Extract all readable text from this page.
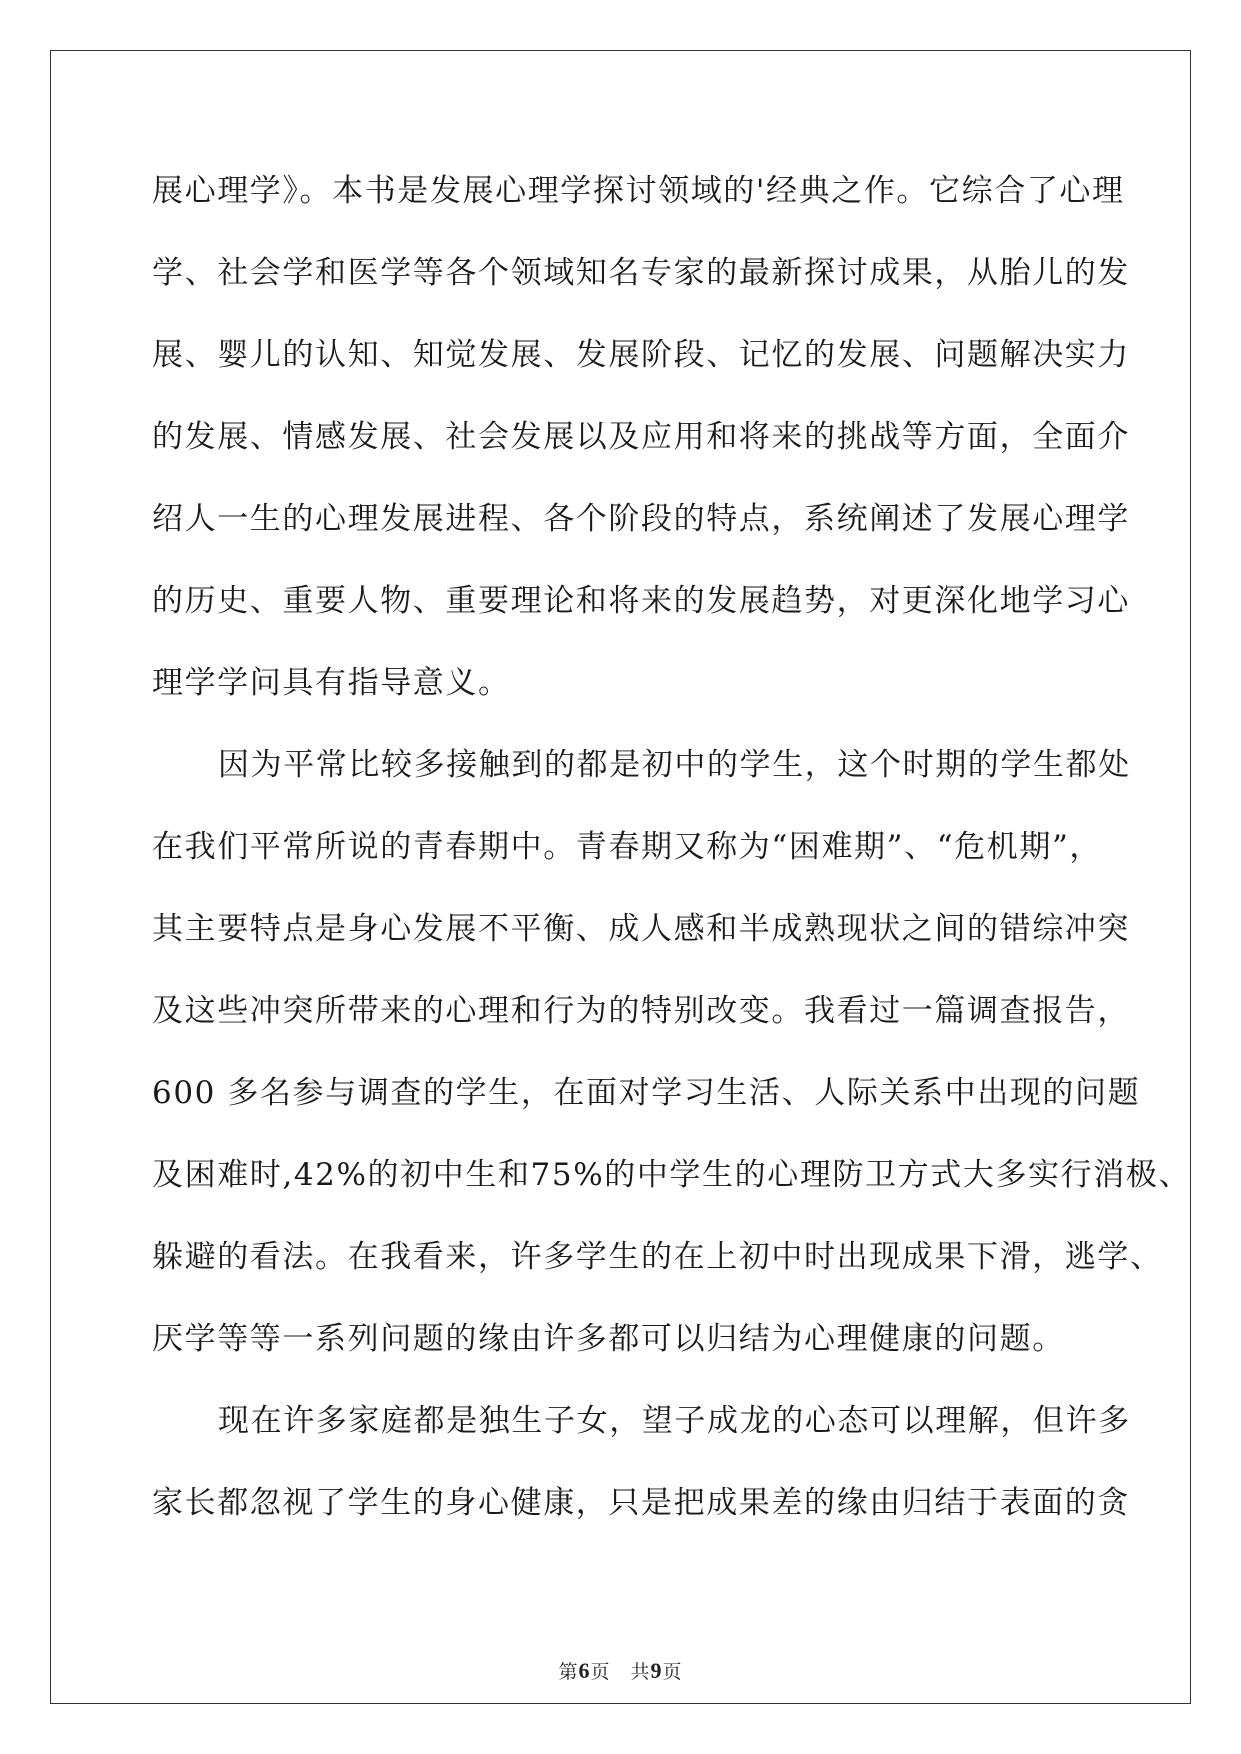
展心理学》。本书是发展心理学探讨领域的'经典之作。它综合了心理
学、社会学和医学等各个领域知名专家的最新探讨成果，从胎儿的发
展、婴儿的认知、知觉发展、发展阶段、记忆的发展、问题解决实力
的发展、情感发展、社会发展以及应用和将来的挑战等方面，全面介
绍人一生的心理发展进程、各个阶段的特点，系统阐述了发展心理学
的历史、重要人物、重要理论和将来的发展趋势，对更深化地学习心
理学学问具有指导意义。
因为平常比较多接触到的都是初中的学生，这个时期的学生都处
在我们平常所说的青春期中。青春期又称为“困难期”、“危机期”，
其主要特点是身心发展不平衡、成人感和半成熟现状之间的错综冲突
及这些冲突所带来的心理和行为的特别改变。我看过一篇调查报告，
600 多名参与调查的学生，在面对学习生活、人际关系中出现的问题
及困难时,42%的初中生和75%的中学生的心理防卫方式大多实行消极、
躲避的看法。在我看来，许多学生的在上初中时出现成果下滑，逃学、
厌学等等一系列问题的缘由许多都可以归结为心理健康的问题。
现在许多家庭都是独生子女，望子成龙的心态可以理解，但许多
家长都忽视了学生的身心健康，只是把成果差的缘由归结于表面的贪
第6页　共9页
